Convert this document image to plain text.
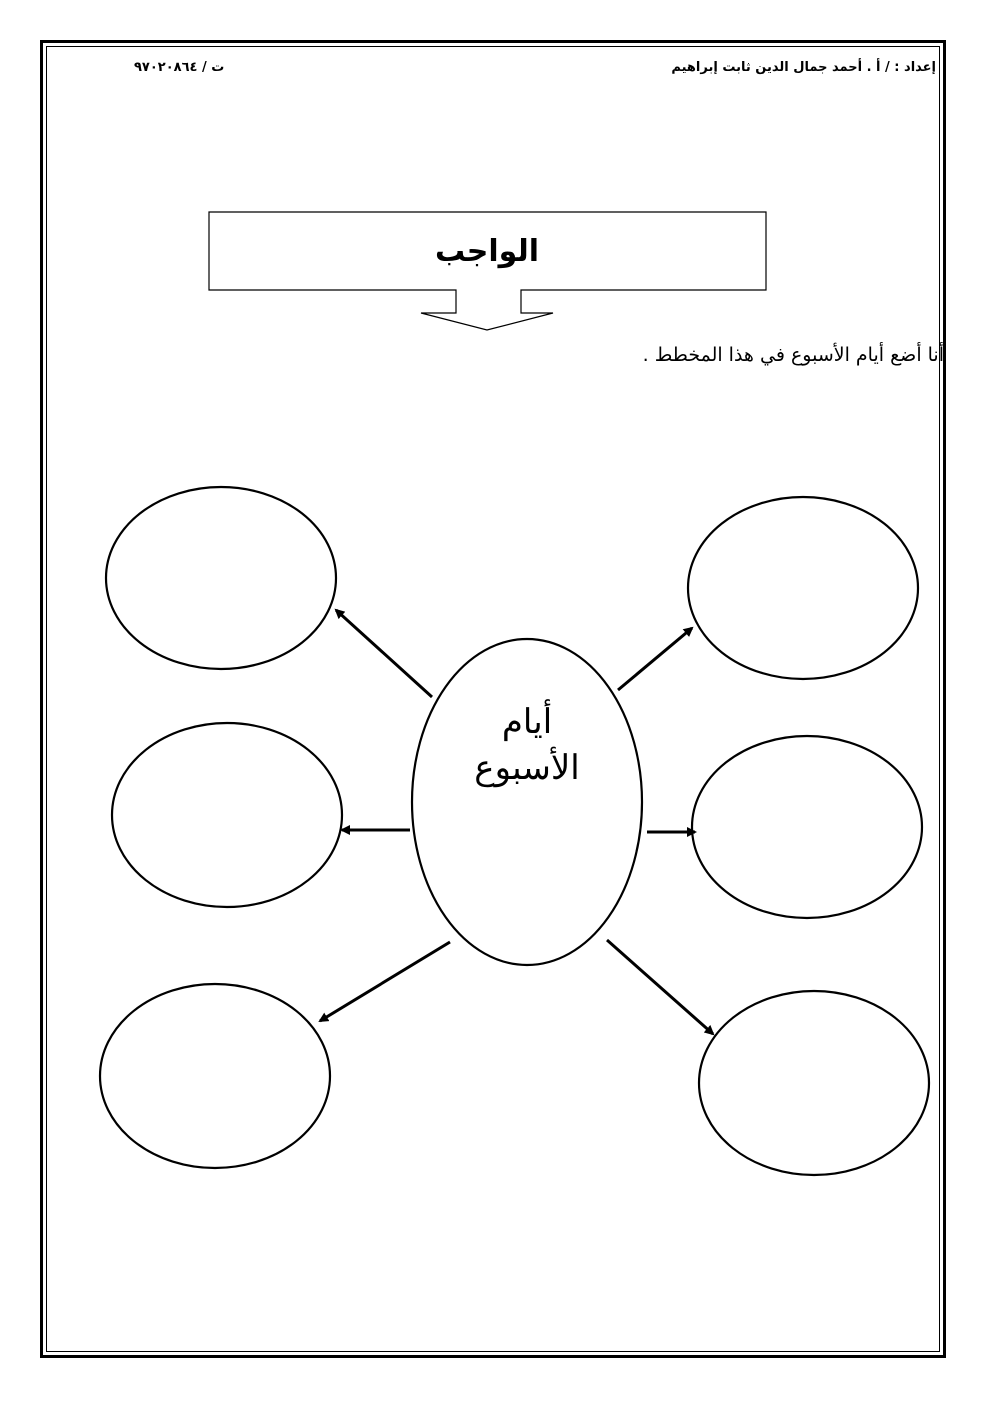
إعداد : / أ . أحمد جمال الدين ثابت إبراهيم
ت / ٩٧٠٢٠٨٦٤
الواجب
أنا أضع أيام الأسبوع في هذا المخطط .
أيام
الأسبوع
